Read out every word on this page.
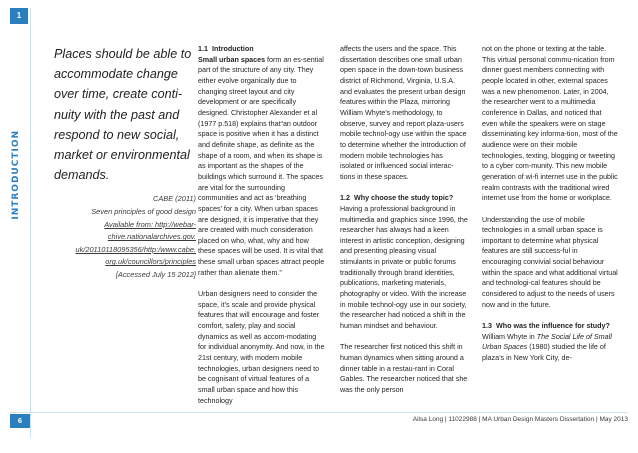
1
INTRODUCTION

Places should be able to accommodate change over time, create conti-nuity with the past and respond to new social, market or environmental demands.

CABE (2011)
Seven principles of good design
Available from: http://webar-
chive.nationalarchives.gov.
uk/20110118095356/http:/www.cabe.
org.uk/councillors/principles
[Accessed July 15 2012]

1.1 Introduction

Small urban spaces form an es-sential part of the structure of any city. They either evolve organically due to changing street layout and city development or are specifically designed. Christopher Alexander et al (1977 p.518) explains that“an outdoor space is positive when it has a distinct and definite shape, as definite as the shape of a room, and when its shape is as important as the shapes of the buildings which surround it. The spaces are vital for the surrounding communities and act as ‘breathing spaces’ for a city. When urban spaces are designed, it is imperative that they are created with much consideration placed on who, what, why and how these spaces will be used. It is vital that these small urban spaces attract people rather than alienate them.”

Urban designers need to consider the space, it’s scale and provide physical features that will encourage and foster comfort, safety, play and social dynamics as well as accom-modating for individual anonymity. And now, in the 21st century, with modern mobile technologies, urban designers need to be cognisant of virtual features of a small urban space and how this technology

affects the users and the space. This dissertation describes one small urban open space in the down-town business district of Richmond, Virginia, U.S.A. and evaluates the present urban design features within the Plaza, mirroring William Whyte’s methodology, to observe, survey and report plaza-users mobile technol-ogy use within the space to determine whether the introduction of modern mobile technologies has isolated or influenced social interac-tions in these spaces.

1.2 Why choose the study topic?

Having a professional background in multimedia and graphics since 1996, the researcher has always had a keen interest in artistic conception, designing and presenting pleasing visual stimulants in private or public forums traditionally through brand identities, publications, marketing materials, photography or video. With the increase in mobile technol-ogy use in our society, the researcher had noticed a shift in the human mindset and behaviour.

The researcher first noticed this shift in human dynamics when sitting around a dinner table in a restau-rant in Coral Gables. The researcher noticed that she was the only person

not on the phone or texting at the table. This virtual personal commu-nication from dinner guest members connecting with people located in other, external spaces was a new phenomenon. Later, in 2004, the researcher went to a multimedia conference in Dallas, and noticed that even while the speakers were on stage disseminating key informa-tion, most of the audience were on their mobile technologies, texting, blogging or tweeting to a cyber com-munity. This new mobile generation of wi-fi internet use in the public realm contrasts with the traditional wired internet use from the home or workplace.

Understanding the use of mobile technologies in a small urban space is important to determine what physical features are still success-ful in encouraging convivial social behaviour within the space and what additional virtual and technologi-cal features should be considered to adjust to the needs of users now and in the future.

1.3 Who was the influence for study?

William Whyte in The Social Life of Small Urban Spaces (1980) studied the life of plaza’s in New York City, de-

6	Ailsa Long | 11022988 | MA Urban Design Masters Dissertation | May 2013
